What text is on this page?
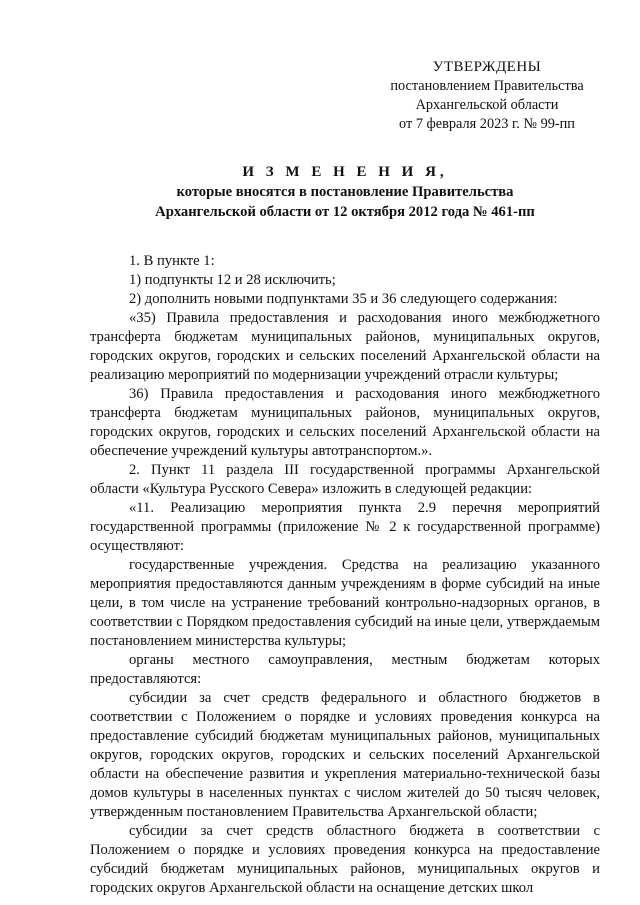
УТВЕРЖДЕНЫ
постановлением Правительства
Архангельской области
от 7 февраля 2023 г. № 99-пп
И З М Е Н Е Н И Я,
которые вносятся в постановление Правительства
Архангельской области от 12 октября 2012 года № 461-пп

1. В пункте 1:

1) подпункты 12 и 28 исключить;

2) дополнить новыми подпунктами 35 и 36 следующего содержания:

«35) Правила предоставления и расходования иного межбюджетного трансферта бюджетам муниципальных районов, муниципальных округов, городских округов, городских и сельских поселений Архангельской области на реализацию мероприятий по модернизации учреждений отрасли культуры;

36) Правила предоставления и расходования иного межбюджетного трансферта бюджетам муниципальных районов, муниципальных округов, городских округов, городских и сельских поселений Архангельской области на обеспечение учреждений культуры автотранспортом.».

2. Пункт 11 раздела III государственной программы Архангельской области «Культура Русского Севера» изложить в следующей редакции:

«11. Реализацию мероприятия пункта 2.9 перечня мероприятий государственной программы (приложение № 2 к государственной программе) осуществляют:

государственные учреждения. Средства на реализацию указанного мероприятия предоставляются данным учреждениям в форме субсидий на иные цели, в том числе на устранение требований контрольно-надзорных органов, в соответствии с Порядком предоставления субсидий на иные цели, утверждаемым постановлением министерства культуры;

органы местного самоуправления, местным бюджетам которых предоставляются:

субсидии за счет средств федерального и областного бюджетов в соответствии с Положением о порядке и условиях проведения конкурса на предоставление субсидий бюджетам муниципальных районов, муниципальных округов, городских округов, городских и сельских поселений Архангельской области на обеспечение развития и укрепления материально-технической базы домов культуры в населенных пунктах с числом жителей до 50 тысяч человек, утвержденным постановлением Правительства Архангельской области;

субсидии за счет средств областного бюджета в соответствии с Положением о порядке и условиях проведения конкурса на предоставление субсидий бюджетам муниципальных районов, муниципальных округов и городских округов Архангельской области на оснащение детских школ
